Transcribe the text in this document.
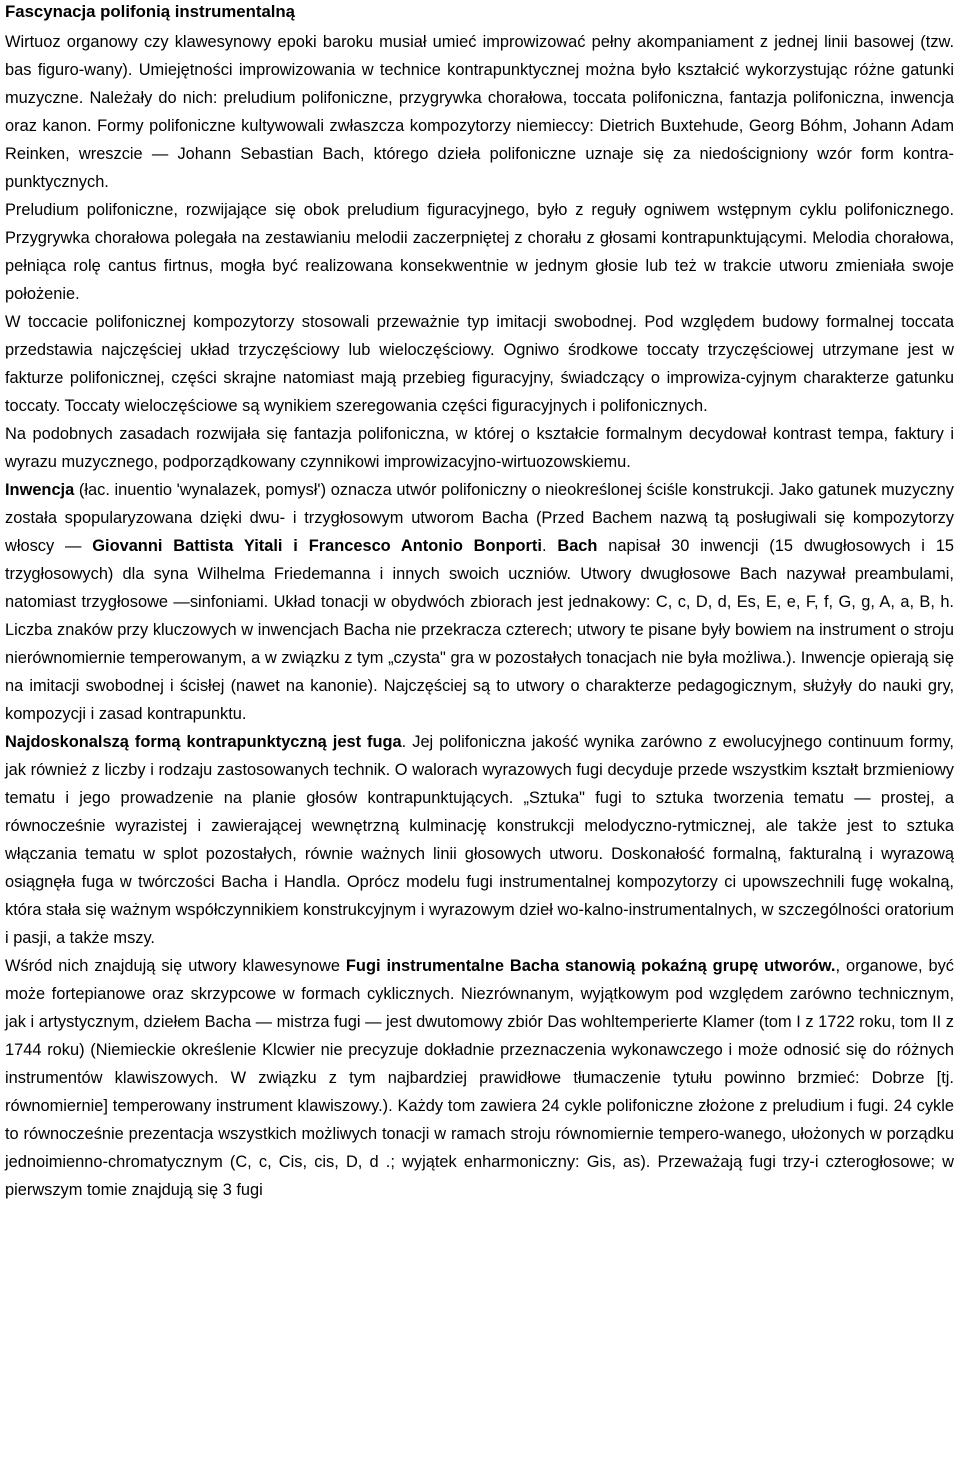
Fascynacja polifonią instrumentalną

Wirtuoz organowy czy klawesynowy epoki baroku musiał umieć improwizować pełny akompaniament z jednej linii basowej (tzw. bas figuro-wany). Umiejętności improwizowania w technice kontrapunktycznej można było kształcić wykorzystując różne gatunki muzyczne. Należały do nich: preludium polifoniczne, przygrywka chorałowa, toccata polifoniczna, fantazja polifoniczna, inwencja oraz kanon. Formy polifoniczne kultywowali zwłaszcza kompozytorzy niemieccy: Dietrich Buxtehude, Georg Bóhm, Johann Adam Reinken, wreszcie — Johann Sebastian Bach, którego dzieła polifoniczne uznaje się za niedościgniony wzór form kontra-punktycznych.

Preludium polifoniczne, rozwijające się obok preludium figuracyjnego, było z reguły ogniwem wstępnym cyklu polifonicznego. Przygrywka chorałowa polegała na zestawianiu melodii zaczerpniętej z chorału z głosami kontrapunktującymi. Melodia chorałowa, pełniąca rolę cantus firtnus, mogła być realizowana konsekwentnie w jednym głosie lub też w trakcie utworu zmieniała swoje położenie.

W toccacie polifonicznej kompozytorzy stosowali przeważnie typ imitacji swobodnej. Pod względem budowy formalnej toccata przedstawia najczęściej układ trzyczęściowy lub wieloczęściowy. Ogniwo środkowe toccaty trzyczęściowej utrzymane jest w fakturze polifonicznej, części skrajne natomiast mają przebieg figuracyjny, świadczący o improwiza-cyjnym charakterze gatunku toccaty. Toccaty wieloczęściowe są wynikiem szeregowania części figuracyjnych i polifonicznych.

Na podobnych zasadach rozwijała się fantazja polifoniczna, w której o kształcie formalnym decydował kontrast tempa, faktury i wyrazu muzycznego, podporządkowany czynnikowi improwizacyjno-wirtuozowskiemu.

Inwencja (łac. inuentio 'wynalazek, pomysł') oznacza utwór polifoniczny o nieokreślonej ściśle konstrukcji. Jako gatunek muzyczny została spopularyzowana dzięki dwu- i trzygłosowym utworom Bacha (Przed Bachem nazwą tą posługiwali się kompozytorzy włoscy — Giovanni Battista Yitali i Francesco Antonio Bonporti. Bach napisał 30 inwencji (15 dwugłosowych i 15 trzygłosowych) dla syna Wilhelma Friedemanna i innych swoich uczniów. Utwory dwugłosowe Bach nazywał preambulami, natomiast trzygłosowe —sinfoniami. Układ tonacji w obydwóch zbiorach jest jednakowy: C, c, D, d, Es, E, e, F, f, G, g, A, a, B, h. Liczba znaków przy kluczowych w inwencjach Bacha nie przekracza czterech; utwory te pisane były bowiem na instrument o stroju nierównomiernie temperowanym, a w związku z tym „czysta" gra w pozostałych tonacjach nie była możliwa.). Inwencje opierają się na imitacji swobodnej i ścisłej (nawet na kanonie). Najczęściej są to utwory o charakterze pedagogicznym, służyły do nauki gry, kompozycji i zasad kontrapunktu.

Najdoskonalszą formą kontrapunktyczną jest fuga. Jej polifoniczna jakość wynika zarówno z ewolucyjnego continuum formy, jak również z liczby i rodzaju zastosowanych technik. O walorach wyrazowych fugi decyduje przede wszystkim kształt brzmieniowy tematu i jego prowadzenie na planie głosów kontrapunktujących. „Sztuka" fugi to sztuka tworzenia tematu — prostej, a równocześnie wyrazistej i zawierającej wewnętrzną kulminację konstrukcji melodyczno-rytmicznej, ale także jest to sztuka włączania tematu w splot pozostałych, równie ważnych linii głosowych utworu. Doskonałość formalną, fakturalną i wyrazową osiągnęła fuga w twórczości Bacha i Handla. Oprócz modelu fugi instrumentalnej kompozytorzy ci upowszechnili fugę wokalną, która stała się ważnym współczynnikiem konstrukcyjnym i wyrazowym dzieł wo-kalno-instrumentalnych, w szczególności oratorium i pasji, a także mszy.

Wśród nich znajdują się utwory klawesynowe Fugi instrumentalne Bacha stanowią pokaźną grupę utworów., organowe, być może fortepianowe oraz skrzypcowe w formach cyklicznych. Niezrównanym, wyjątkowym pod względem zarówno technicznym, jak i artystycznym, dziełem Bacha — mistrza fugi — jest dwutomowy zbiór Das wohltemperierte Klamer (tom I z 1722 roku, tom II z 1744 roku) (Niemieckie określenie Klcwier nie precyzuje dokładnie przeznaczenia wykonawczego i może odnosić się do różnych instrumentów klawiszowych. W związku z tym najbardziej prawidłowe tłumaczenie tytułu powinno brzmieć: Dobrze [tj. równomiernie] temperowany instrument klawiszowy.). Każdy tom zawiera 24 cykle polifoniczne złożone z preludium i fugi. 24 cykle to równocześnie prezentacja wszystkich możliwych tonacji w ramach stroju równomiernie tempero-wanego, ułożonych w porządku jednoimienno-chromatycznym (C, c, Cis, cis, D, d .; wyjątek enharmoniczny: Gis, as). Przeważają fugi trzy-i czterogłosowe; w pierwszym tomie znajdują się 3 fugi
